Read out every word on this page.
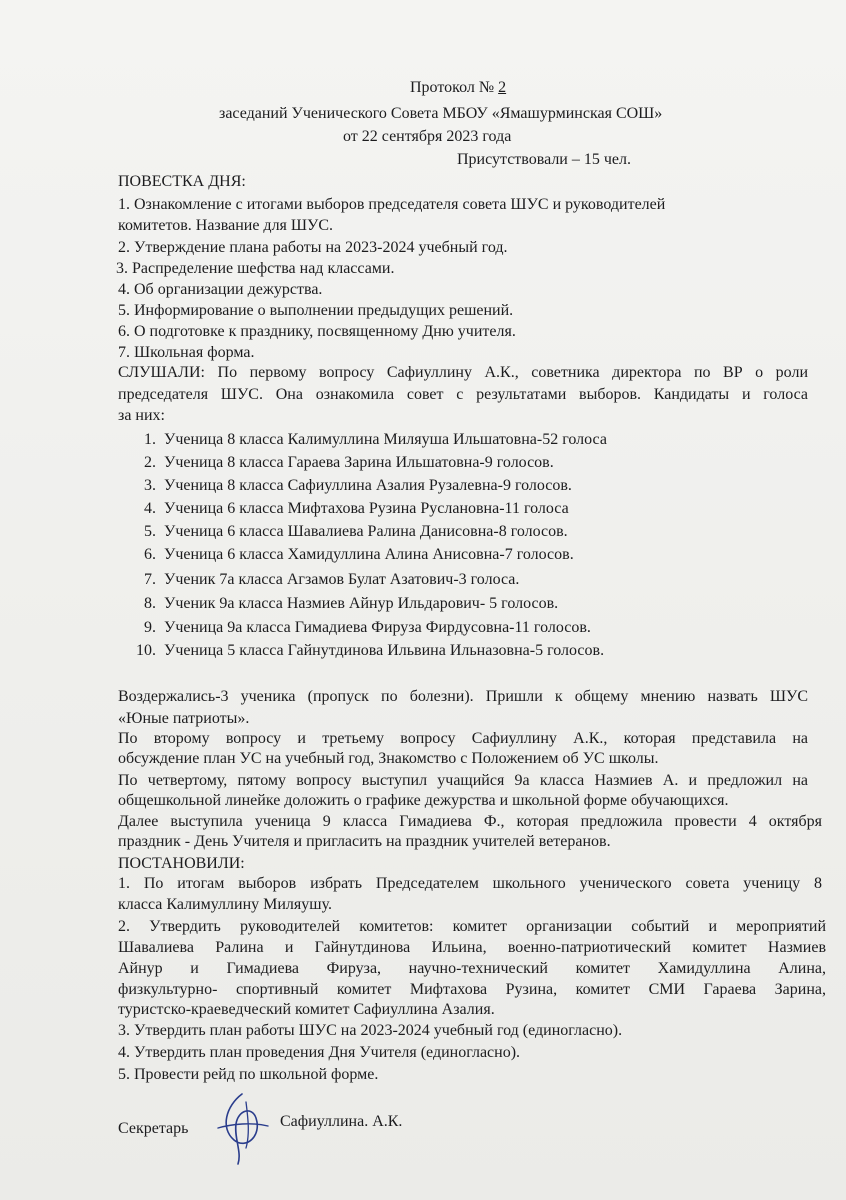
Протокол № 2
заседаний Ученического Совета МБОУ «Ямашурминская СОШ»
от 22 сентября 2023 года
Присутствовали – 15 чел.
ПОВЕСТКА ДНЯ:
1. Ознакомление с итогами выборов председателя совета ШУС и руководителей
комитетов. Название для ШУС.
2. Утверждение плана работы на 2023-2024 учебный год.
3. Распределение шефства над классами.
4. Об организации дежурства.
5. Информирование о выполнении предыдущих решений.
6. О подготовке к празднику, посвященному Дню учителя.
7. Школьная форма.
СЛУШАЛИ: По первому вопросу Сафиуллину А.К., советника директора по ВР о роли
председателя ШУС. Она ознакомила совет с результатами выборов. Кандидаты и голоса
за них:
1. Ученица 8 класса Калимуллина Миляуша Ильшатовна-52 голоса
2. Ученица 8 класса Гараева Зарина Ильшатовна-9 голосов.
3. Ученица 8 класса Сафиуллина Азалия Рузалевна-9 голосов.
4. Ученица 6 класса Мифтахова Рузина Руслановна-11 голоса
5. Ученица 6 класса Шавалиева Ралина Данисовна-8 голосов.
6. Ученица 6 класса Хамидуллина Алина Анисовна-7 голосов.
7. Ученик 7а класса Агзамов Булат Азатович-3 голоса.
8. Ученик 9а класса Назмиев Айнур Ильдарович- 5 голосов.
9. Ученица 9а класса Гимадиева Фируза Фирдусовна-11 голосов.
10. Ученица 5 класса Гайнутдинова Ильвина Ильназовна-5 голосов.
Воздержались-3 ученика (пропуск по болезни). Пришли к общему мнению назвать ШУС
«Юные патриоты».
По второму вопросу и третьему вопросу Сафиуллину А.К., которая представила на
обсуждение план УС на учебный год, Знакомство с Положением об УС школы.
По четвертому, пятому вопросу выступил учащийся 9а класса Назмиев А. и предложил на
общешкольной линейке доложить о графике дежурства и школьной форме обучающихся.
Далее выступила ученица 9 класса Гимадиева Ф., которая предложила провести 4 октября
праздник - День Учителя и пригласить на праздник учителей ветеранов.
ПОСТАНОВИЛИ:
1. По итогам выборов избрать Председателем школьного ученического совета ученицу 8
класса Калимуллину Миляушу.
2. Утвердить руководителей комитетов: комитет организации событий и мероприятий
Шавалиева Ралина и Гайнутдинова Ильина, военно-патриотический комитет Назмиев
Айнур и Гимадиева Фируза, научно-технический комитет Хамидуллина Алина,
физкультурно- спортивный комитет Мифтахова Рузина, комитет СМИ Гараева Зарина,
туристско-краеведческий комитет Сафиуллина Азалия.
3. Утвердить план работы ШУС на 2023-2024 учебный год (единогласно).
4. Утвердить план проведения Дня Учителя (единогласно).
5. Провести рейд по школьной форме.
Секретарь	Сафиуллина. А.К.
